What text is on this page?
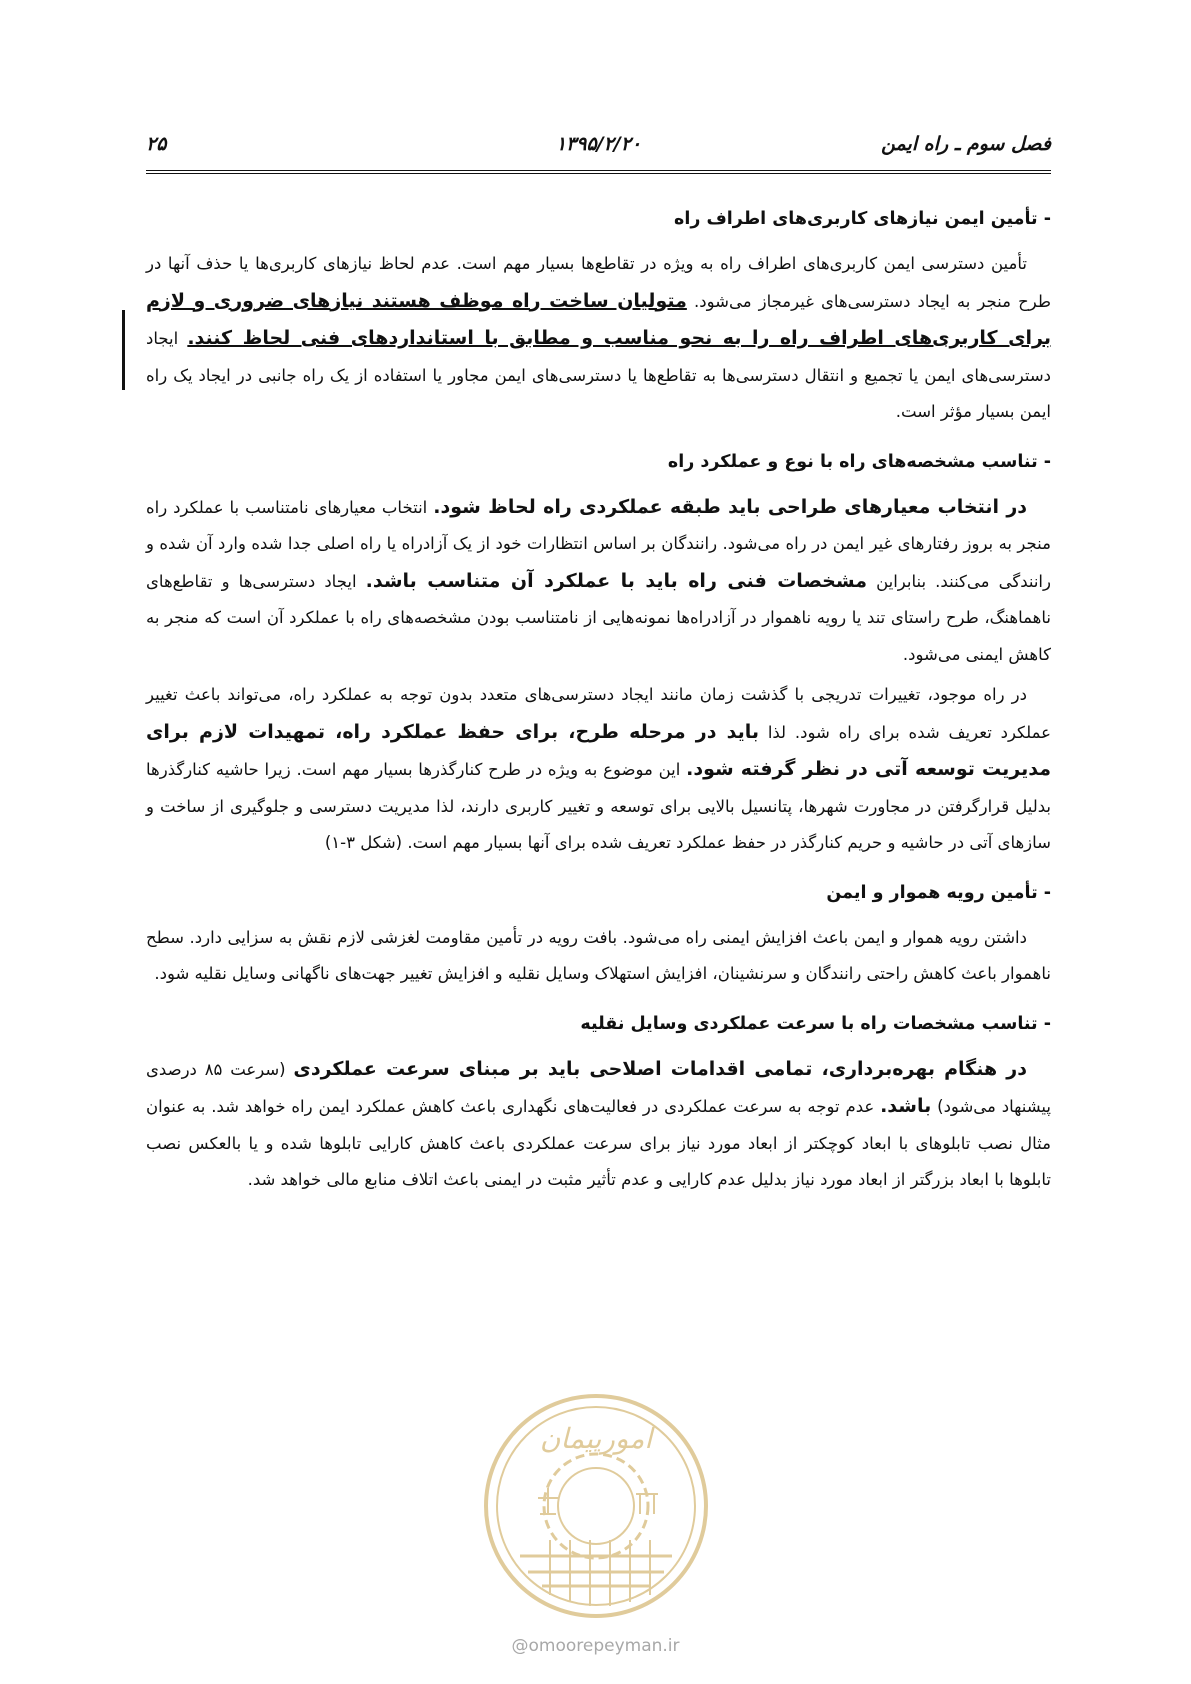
فصل سوم ـ راه ایمن
۱۳۹۵/۲/۲۰
۲۵
- تأمین ایمن نیازهای کاربری‌های اطراف راه

تأمین دسترسی ایمن کاربری‌های اطراف راه به ویژه در تقاطع‌ها بسیار مهم است. عدم لحاظ نیازهای کاربری‌ها یا حذف آنها در طرح منجر به ایجاد دسترسی‌های غیرمجاز می‌شود. متولیان ساخت راه موظف هستند نیازهای ضروری و لازم برای کاربری‌های اطراف راه را به نحو مناسب و مطابق با استانداردهای فنی لحاظ کنند. ایجاد دسترسی‌های ایمن یا تجمیع و انتقال دسترسی‌ها به تقاطع‌ها یا دسترسی‌های ایمن مجاور یا استفاده از یک راه جانبی در ایجاد یک راه ایمن بسیار مؤثر است.

- تناسب مشخصه‌های راه با نوع و عملکرد راه

در انتخاب معیارهای طراحی باید طبقه عملکردی راه لحاظ شود. انتخاب معیارهای نامتناسب با عملکرد راه منجر به بروز رفتارهای غیر ایمن در راه می‌شود. رانندگان بر اساس انتظارات خود از یک آزادراه یا راه اصلی جدا شده وارد آن شده و رانندگی می‌کنند. بنابراین مشخصات فنی راه باید با عملکرد آن متناسب باشد. ایجاد دسترسی‌ها و تقاطع‌های ناهماهنگ، طرح راستای تند یا رویه ناهموار در آزادراه‌ها نمونه‌هایی از نامتناسب بودن مشخصه‌های راه با عملکرد آن است که منجر به کاهش ایمنی می‌شود.

در راه موجود، تغییرات تدریجی با گذشت زمان مانند ایجاد دسترسی‌های متعدد بدون توجه به عملکرد راه، می‌تواند باعث تغییر عملکرد تعریف شده برای راه شود. لذا باید در مرحله طرح، برای حفظ عملکرد راه، تمهیدات لازم برای مدیریت توسعه آتی در نظر گرفته شود. این موضوع به ویژه در طرح کنارگذرها بسیار مهم است. زیرا حاشیه کنارگذرها بدلیل قرارگرفتن در مجاورت شهرها، پتانسیل بالایی برای توسعه و تغییر کاربری دارند، لذا مدیریت دسترسی و جلوگیری از ساخت و سازهای آتی در حاشیه و حریم کنارگذر در حفظ عملکرد تعریف شده برای آنها بسیار مهم است. (شکل ۳-۱)

- تأمین رویه هموار و ایمن

داشتن رویه هموار و ایمن باعث افزایش ایمنی راه می‌شود. بافت رویه در تأمین مقاومت لغزشی لازم نقش به سزایی دارد. سطح ناهموار باعث کاهش راحتی رانندگان و سرنشینان، افزایش استهلاک وسایل نقلیه و افزایش تغییر جهت‌های ناگهانی وسایل نقلیه شود.

- تناسب مشخصات راه با سرعت عملکردی وسایل نقلیه

در هنگام بهره‌برداری، تمامی اقدامات اصلاحی باید بر مبنای سرعت عملکردی (سرعت ۸۵ درصدی پیشنهاد می‌شود) باشد. عدم توجه به سرعت عملکردی در فعالیت‌های نگهداری باعث کاهش عملکرد ایمن راه خواهد شد. به عنوان مثال نصب تابلوهای با ابعاد کوچکتر از ابعاد مورد نیاز برای سرعت عملکردی باعث کاهش کارایی تابلوها شده و یا بالعکس نصب تابلوها با ابعاد بزرگتر از ابعاد مورد نیاز بدلیل عدم کارایی و عدم تأثیر مثبت در ایمنی باعث اتلاف منابع مالی خواهد شد.

امورپیمان
@omoorepeyman.ir
